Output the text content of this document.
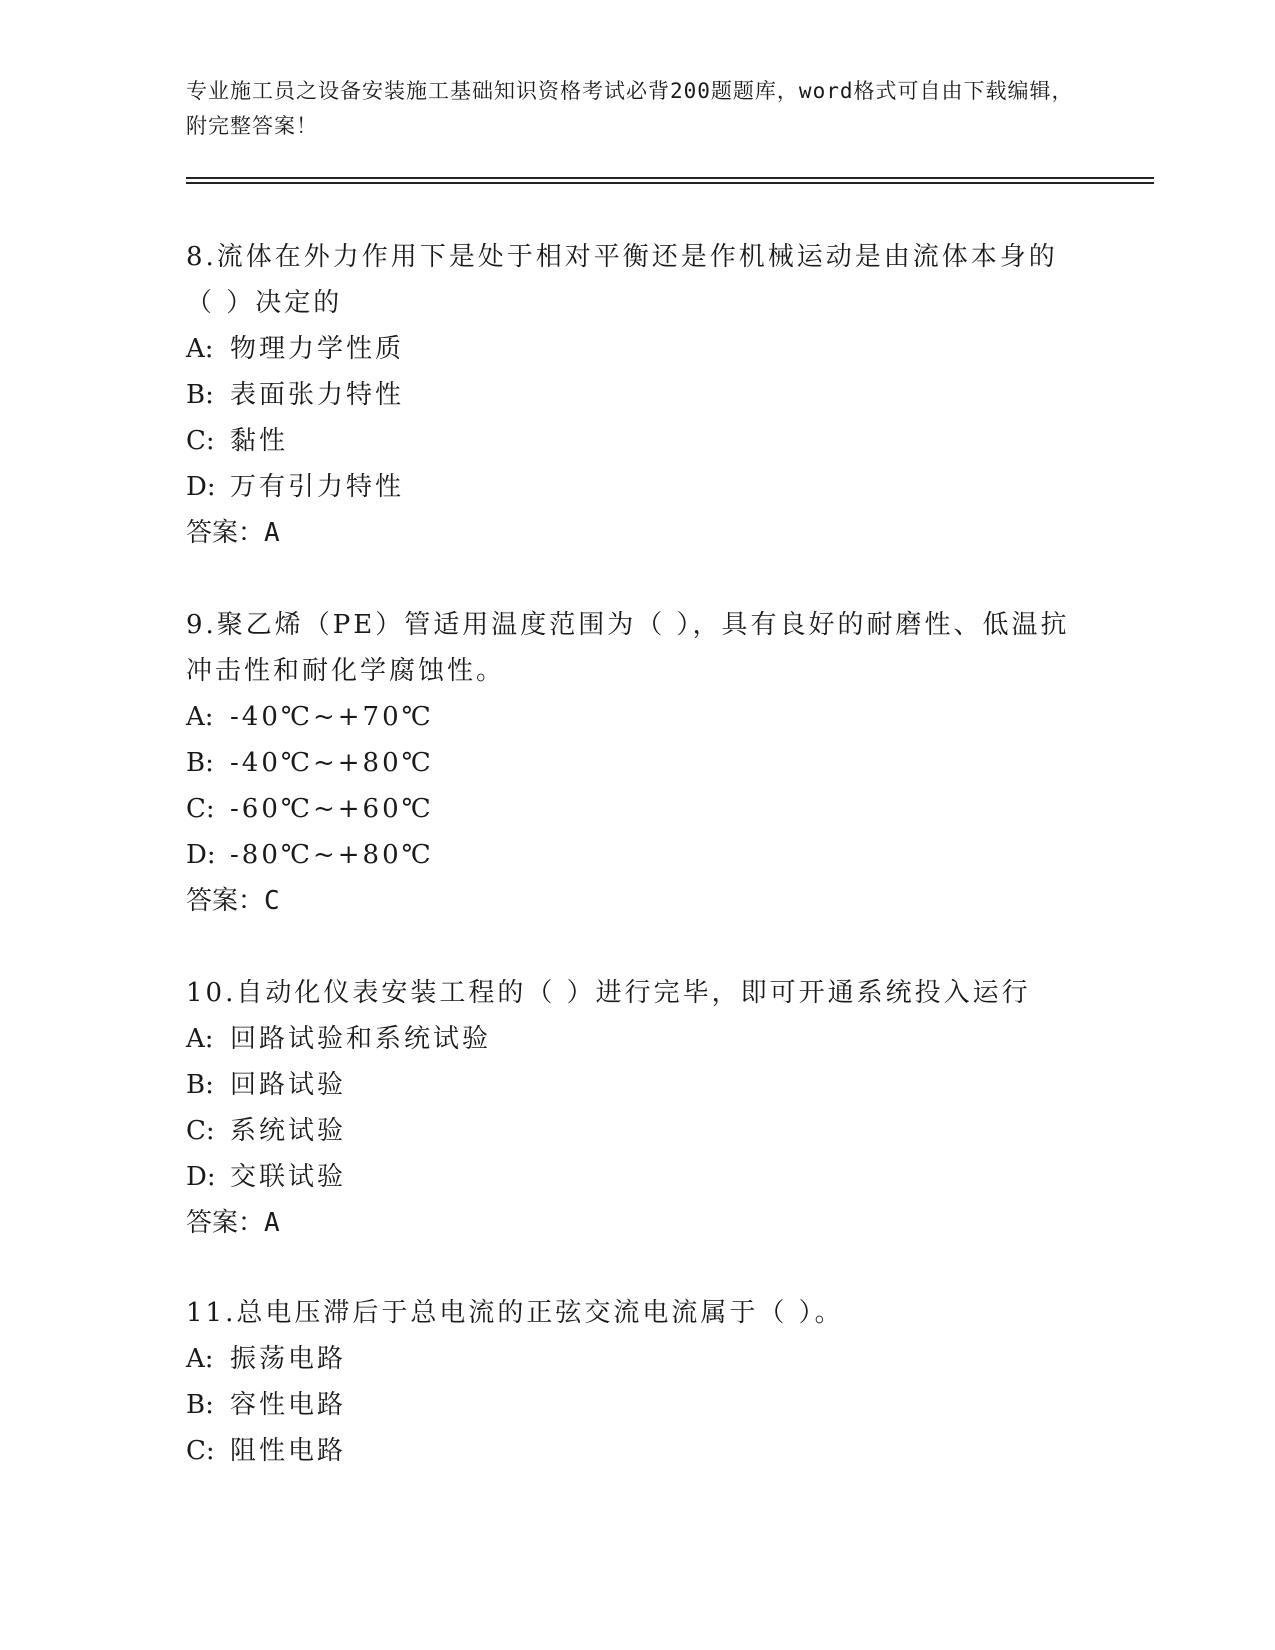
专业施工员之设备安装施工基础知识资格考试必背200题题库，word格式可自由下载编辑，附完整答案！

8.流体在外力作用下是处于相对平衡还是作机械运动是由流体本身的（ ）决定的

A: 物理力学性质

B: 表面张力特性

C: 黏性

D: 万有引力特性

答案：A

9.聚乙烯（PE）管适用温度范围为（ ），具有良好的耐磨性、低温抗冲击性和耐化学腐蚀性。

A: -40℃~+70℃

B: -40℃~+80℃

C: -60℃~+60℃

D: -80℃~+80℃

答案：C

10.自动化仪表安装工程的（ ）进行完毕，即可开通系统投入运行

A: 回路试验和系统试验

B: 回路试验

C: 系统试验

D: 交联试验

答案：A

11.总电压滞后于总电流的正弦交流电流属于（ ）。

A: 振荡电路

B: 容性电路

C: 阻性电路
